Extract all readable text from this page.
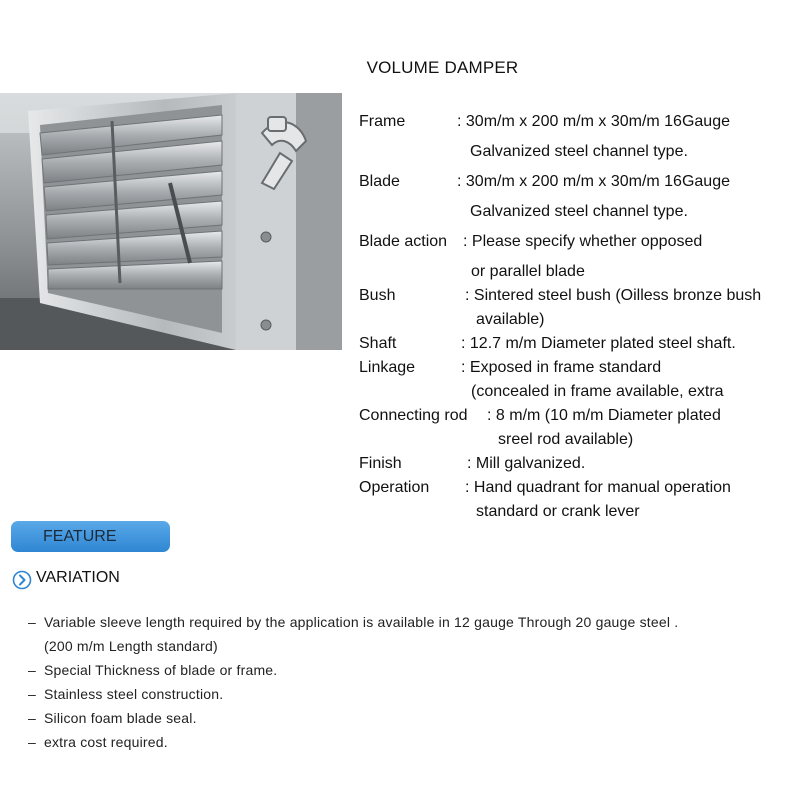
VOLUME DAMPER
Frame	: 30m/m x 200 m/m x 30m/m 16Gauge
Galvanized steel channel type.
Blade	: 30m/m x 200 m/m x 30m/m 16Gauge
Galvanized steel channel type.
Blade action : Please specify whether opposed
or parallel blade
Bush	: Sintered steel bush (Oilless bronze bush
available)
Shaft	: 12.7 m/m Diameter plated steel shaft.
Linkage	: Exposed in frame standard
(concealed in frame available, extra
Connecting rod : 8 m/m (10 m/m Diameter plated
sreel rod available)
Finish	: Mill galvanized.
Operation : Hand quadrant for manual operation
standard or crank lever
FEATURE
VARIATION
– Variable sleeve length required by the application is available in 12 gauge Through 20 gauge steel .
(200 m/m Length standard)
– Special Thickness of blade or frame.
– Stainless steel construction.
– Silicon foam blade seal.
– extra cost required.
